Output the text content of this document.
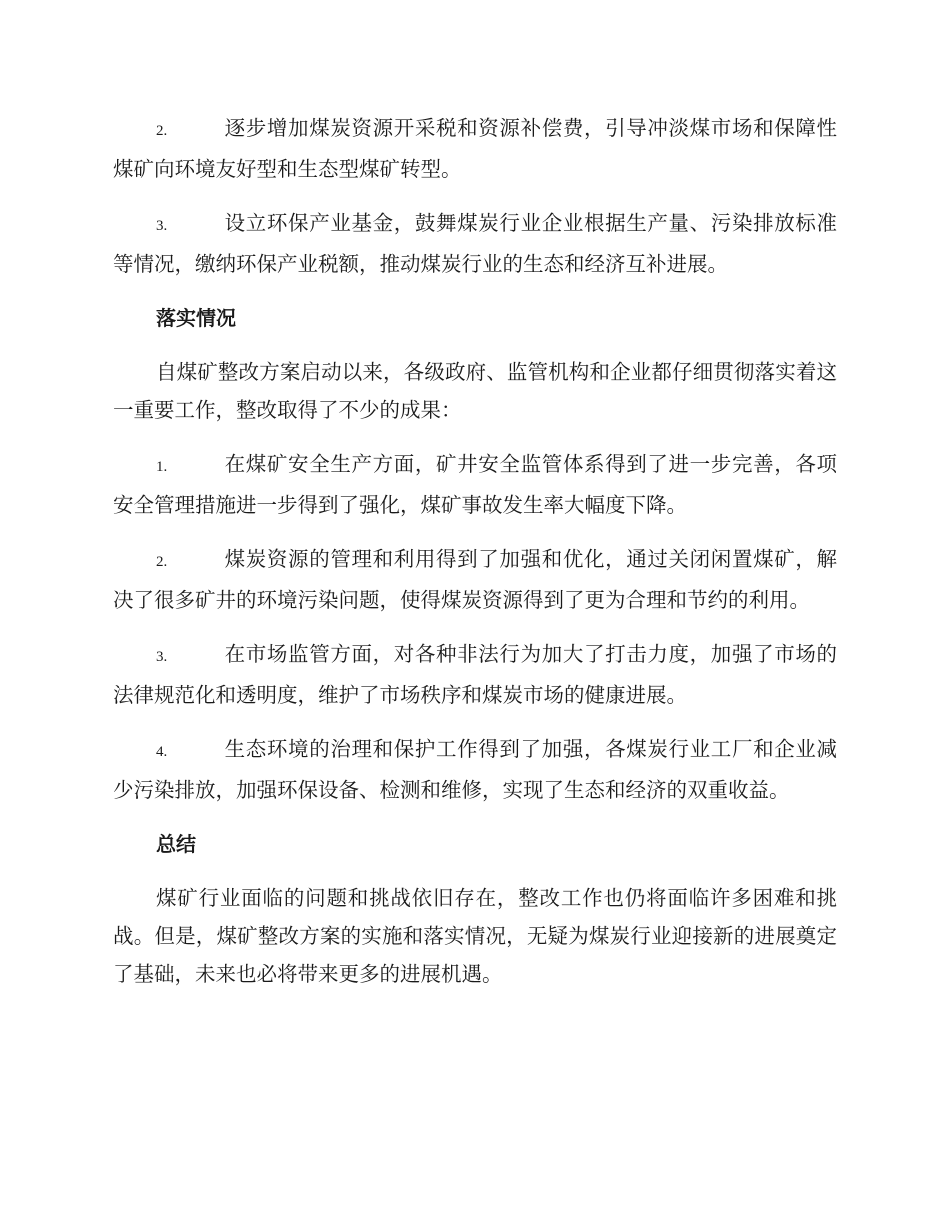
2.	逐步增加煤炭资源开采税和资源补偿费，引导冲淡煤市场和保障性煤矿向环境友好型和生态型煤矿转型。

3.	设立环保产业基金，鼓舞煤炭行业企业根据生产量、污染排放标准等情况，缴纳环保产业税额，推动煤炭行业的生态和经济互补进展。

落实情况

自煤矿整改方案启动以来，各级政府、监管机构和企业都仔细贯彻落实着这一重要工作，整改取得了不少的成果：

1.	在煤矿安全生产方面，矿井安全监管体系得到了进一步完善，各项安全管理措施进一步得到了强化，煤矿事故发生率大幅度下降。

2.	煤炭资源的管理和利用得到了加强和优化，通过关闭闲置煤矿，解决了很多矿井的环境污染问题，使得煤炭资源得到了更为合理和节约的利用。

3.	在市场监管方面，对各种非法行为加大了打击力度，加强了市场的法律规范化和透明度，维护了市场秩序和煤炭市场的健康进展。

4.	生态环境的治理和保护工作得到了加强，各煤炭行业工厂和企业减少污染排放，加强环保设备、检测和维修，实现了生态和经济的双重收益。

总结

煤矿行业面临的问题和挑战依旧存在，整改工作也仍将面临许多困难和挑战。但是，煤矿整改方案的实施和落实情况，无疑为煤炭行业迎接新的进展奠定了基础，未来也必将带来更多的进展机遇。
